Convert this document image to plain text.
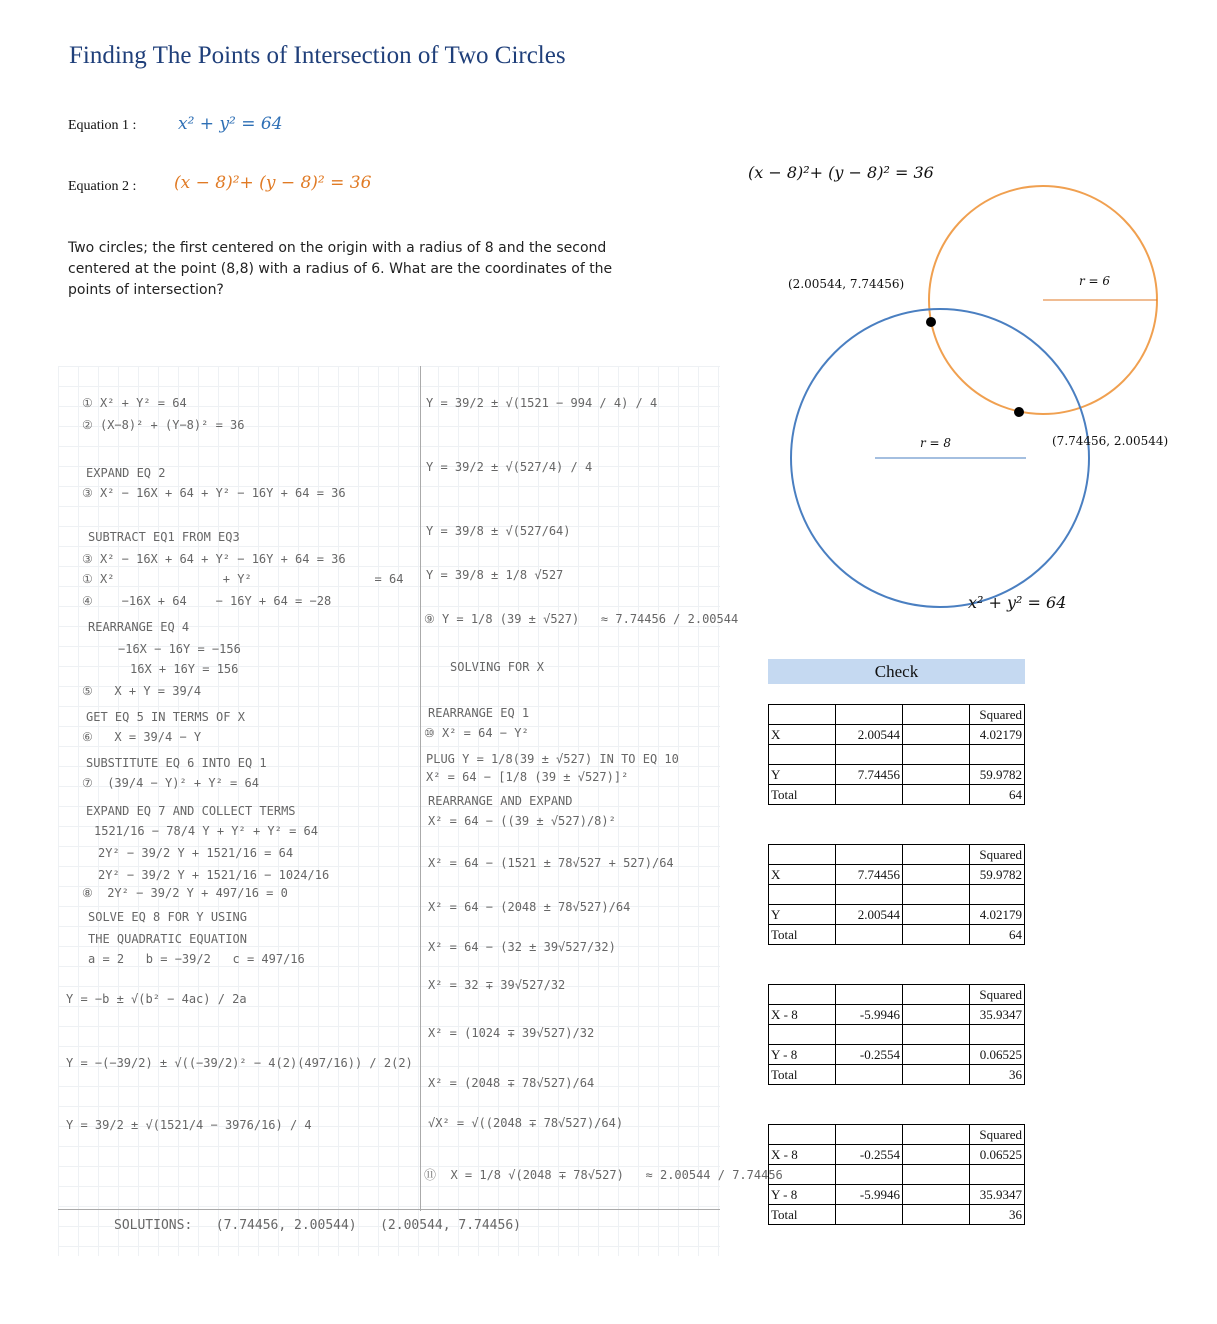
Finding The Points of Intersection of Two Circles
Equation 1 : x² + y² = 64
Equation 2 : (x − 8)²+ (y − 8)² = 36
Two circles; the first centered on the origin with a radius of 8 and the second centered at the point (8,8) with a radius of 6. What are the coordinates of the points of intersection?
① X² + Y² = 64
② (X−8)² + (Y−8)² = 36
EXPAND EQ 2
③ X² − 16X + 64 + Y² − 16Y + 64 = 36
SUBTRACT EQ1 FROM EQ3
③ X² − 16X + 64 + Y² − 16Y + 64 = 36
① X²               + Y²                 = 64
④    −16X + 64    − 16Y + 64 = −28
REARRANGE EQ 4
−16X − 16Y = −156
16X + 16Y = 156
⑤   X + Y = 39/4
GET EQ 5 IN TERMS OF X
⑥   X = 39/4 − Y
SUBSTITUTE EQ 6 INTO EQ 1
⑦  (39/4 − Y)² + Y² = 64
EXPAND EQ 7 AND COLLECT TERMS
1521/16 − 78/4 Y + Y² + Y² = 64
2Y² − 39/2 Y + 1521/16 = 64
2Y² − 39/2 Y + 1521/16 − 1024/16
⑧  2Y² − 39/2 Y + 497/16 = 0
SOLVE EQ 8 FOR Y USING
THE QUADRATIC EQUATION
a = 2   b = −39/2   c = 497/16
Y = −b ± √(b² − 4ac) / 2a
Y = −(−39/2) ± √((−39/2)² − 4(2)(497/16)) / 2(2)
Y = 39/2 ± √(1521/4 − 3976/16) / 4
Y = 39/2 ± √(1521 − 994 / 4) / 4
Y = 39/2 ± √(527/4) / 4
Y = 39/8 ± √(527/64)
Y = 39/8 ± 1/8 √527
⑨ Y = 1/8 (39 ± √527)   ≈ 7.74456 / 2.00544
SOLVING FOR X
REARRANGE EQ 1
⑩ X² = 64 − Y²
PLUG Y = 1/8(39 ± √527) IN TO EQ 10
X² = 64 − [1/8 (39 ± √527)]²
REARRANGE AND EXPAND
X² = 64 − ((39 ± √527)/8)²
X² = 64 − (1521 ± 78√527 + 527)/64
X² = 64 − (2048 ± 78√527)/64
X² = 64 − (32 ± 39√527/32)
X² = 32 ∓ 39√527/32
X² = (1024 ∓ 39√527)/32
X² = (2048 ∓ 78√527)/64
√X² = √((2048 ∓ 78√527)/64)
⑪  X = 1/8 √(2048 ∓ 78√527)   ≈ 2.00544 / 7.74456
SOLUTIONS:   (7.74456, 2.00544)   (2.00544, 7.74456)
(x − 8)²+ (y − 8)² = 36
(2.00544, 7.74456)
(7.74456, 2.00544)
r = 6
r = 8
x² + y² = 64
Check
			Squared
X	2.00544		4.02179

Y	7.74456		59.9782
Total			64
			Squared
X	7.74456		59.9782

Y	2.00544		4.02179
Total			64
			Squared
X - 8	-5.9946		35.9347

Y - 8	-0.2554		0.06525
Total			36
			Squared
X - 8	-0.2554		0.06525

Y - 8	-5.9946		35.9347
Total			36
